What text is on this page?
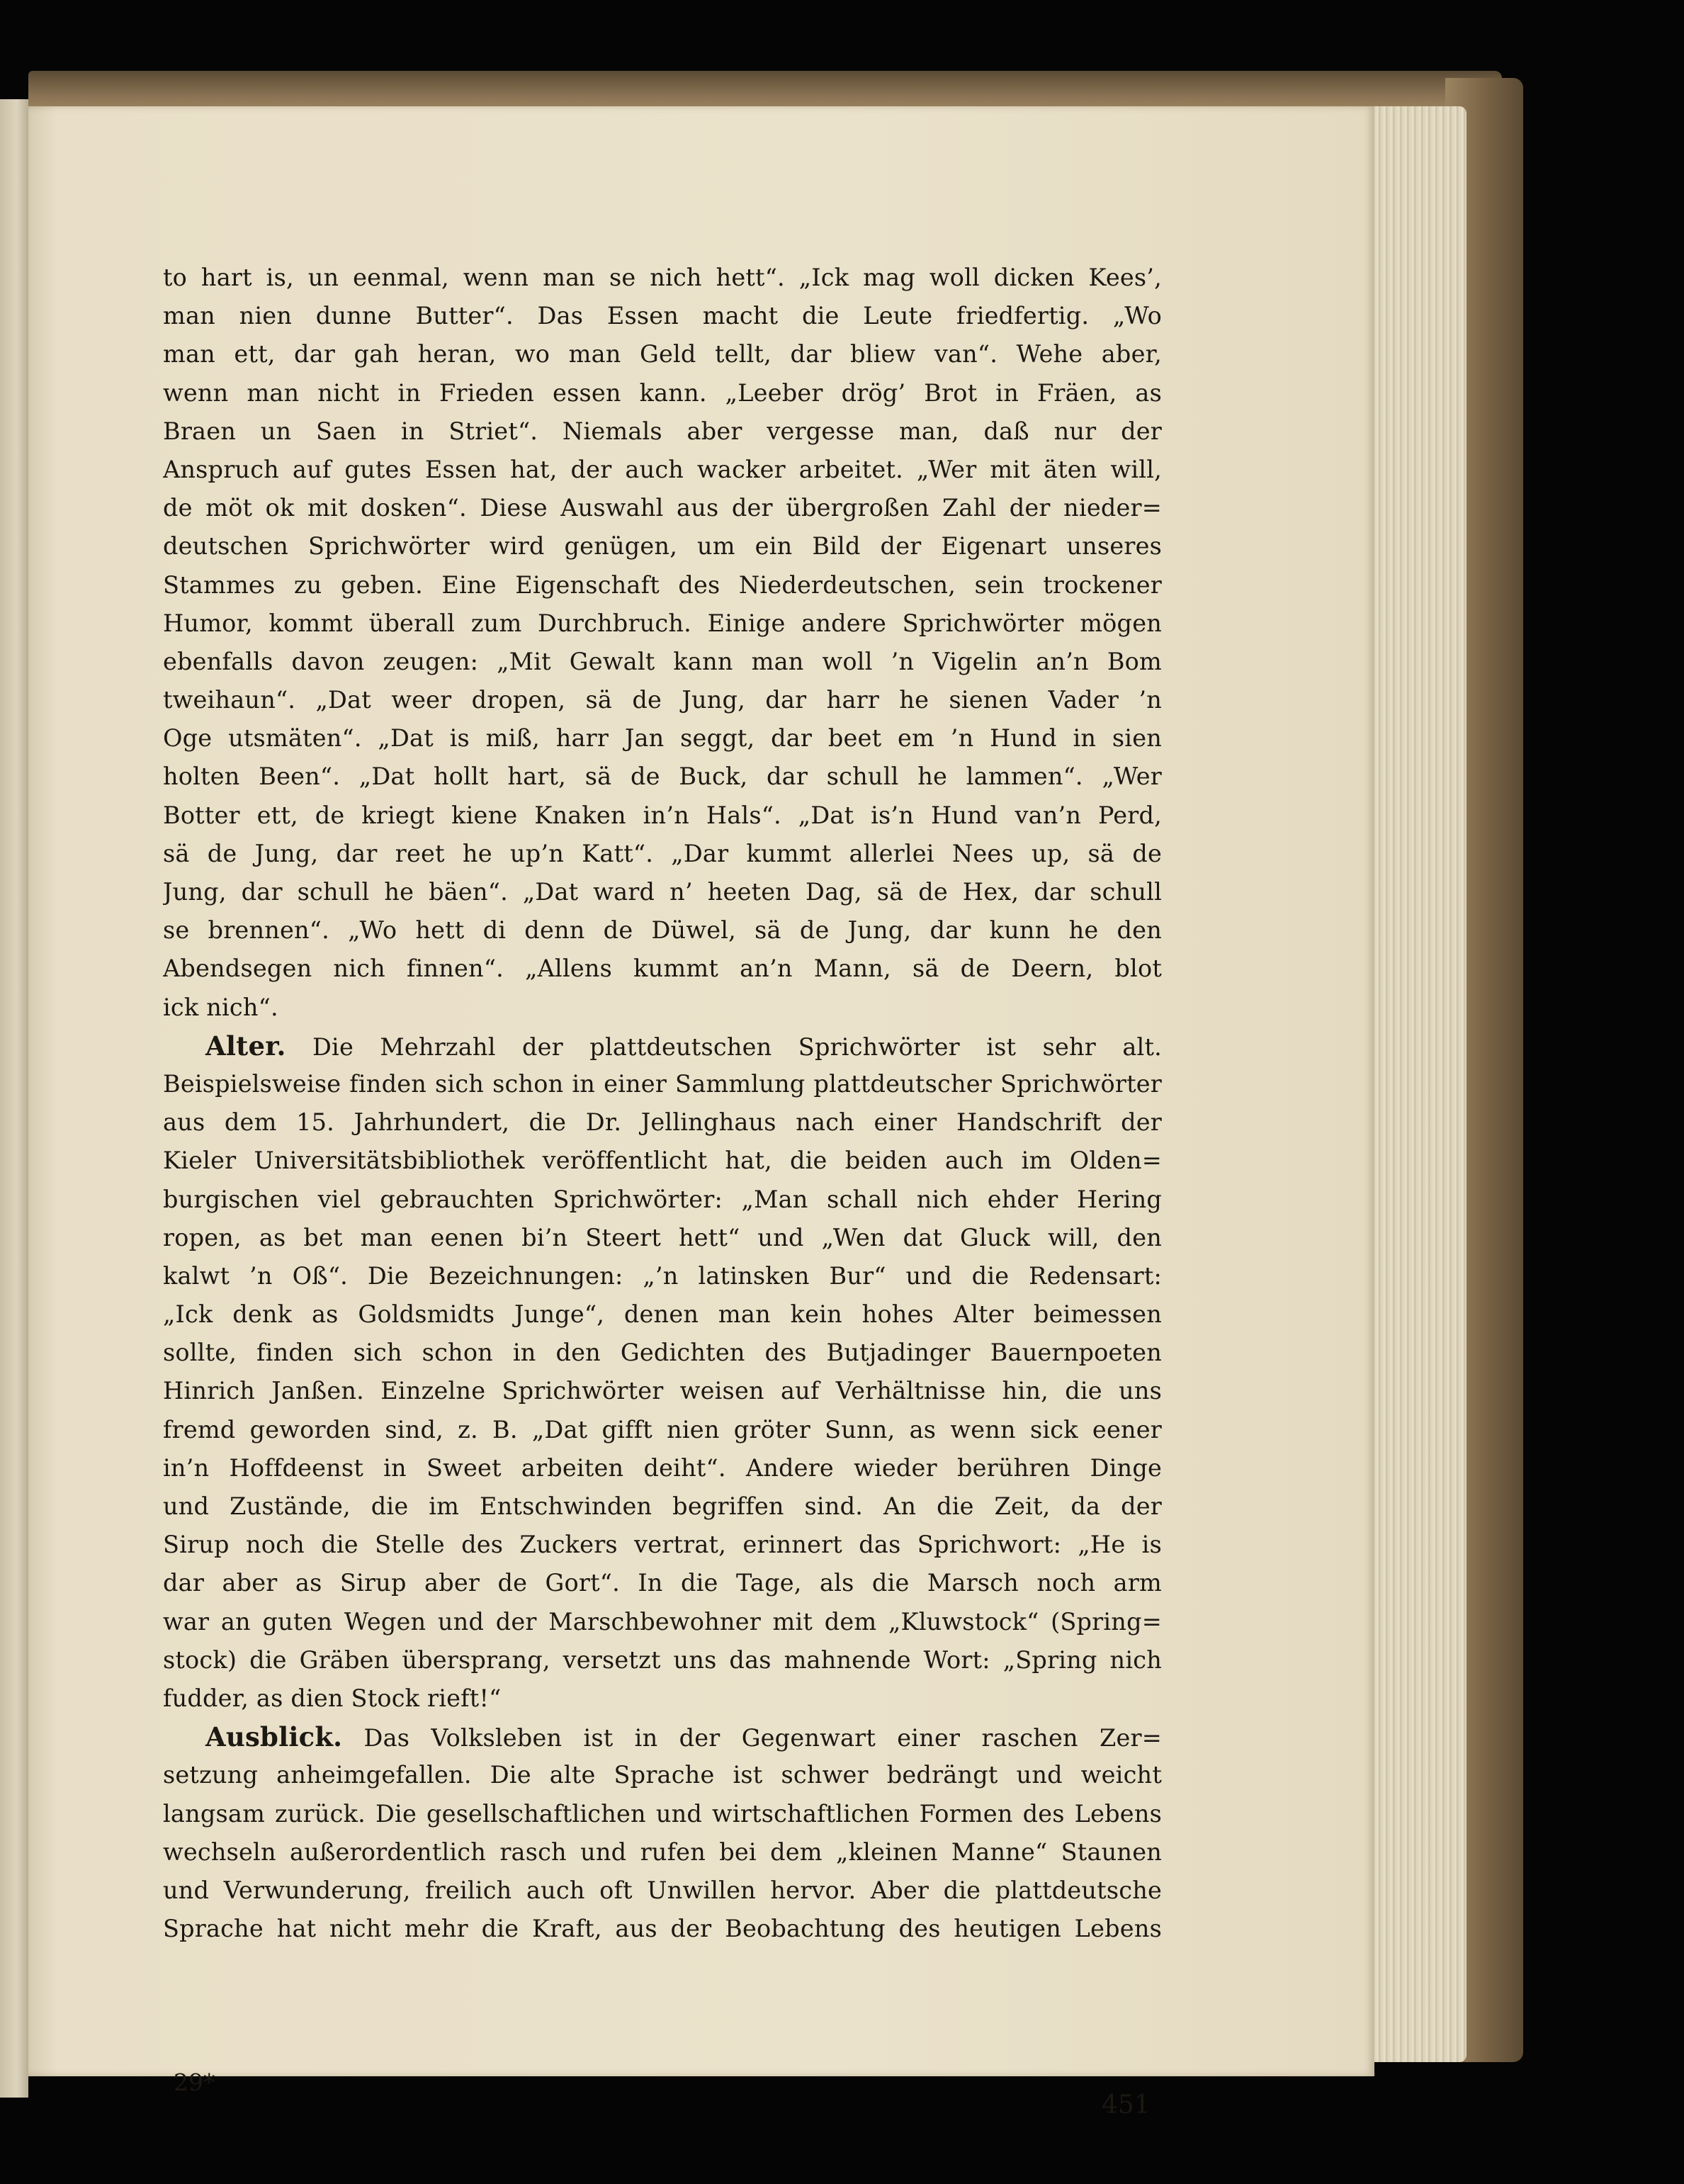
to hart is, un eenmal, wenn man se nich hett“. „Ick mag woll dicken Kees’,
man nien dunne Butter“. Das Essen macht die Leute friedfertig. „Wo
man ett, dar gah heran, wo man Geld tellt, dar bliew van“. Wehe aber,
wenn man nicht in Frieden essen kann. „Leeber drög’ Brot in Fräen, as
Braen un Saen in Striet“. Niemals aber vergesse man, daß nur der
Anspruch auf gutes Essen hat, der auch wacker arbeitet. „Wer mit äten will,
de möt ok mit dosken“. Diese Auswahl aus der übergroßen Zahl der nieder=
deutschen Sprichwörter wird genügen, um ein Bild der Eigenart unseres
Stammes zu geben. Eine Eigenschaft des Niederdeutschen, sein trockener
Humor, kommt überall zum Durchbruch. Einige andere Sprichwörter mögen
ebenfalls davon zeugen: „Mit Gewalt kann man woll ’n Vigelin an’n Bom
tweihaun“. „Dat weer dropen, sä de Jung, dar harr he sienen Vader ’n
Oge utsmäten“. „Dat is miß, harr Jan seggt, dar beet em ’n Hund in sien
holten Been“. „Dat hollt hart, sä de Buck, dar schull he lammen“. „Wer
Botter ett, de kriegt kiene Knaken in’n Hals“. „Dat is’n Hund van’n Perd,
sä de Jung, dar reet he up’n Katt“. „Dar kummt allerlei Nees up, sä de
Jung, dar schull he bäen“. „Dat ward n’ heeten Dag, sä de Hex, dar schull
se brennen“. „Wo hett di denn de Düwel, sä de Jung, dar kunn he den
Abendsegen nich finnen“. „Allens kummt an’n Mann, sä de Deern, blot
ick nich“.
Alter. Die Mehrzahl der plattdeutschen Sprichwörter ist sehr alt.
Beispielsweise finden sich schon in einer Sammlung plattdeutscher Sprichwörter
aus dem 15. Jahrhundert, die Dr. Jellinghaus nach einer Handschrift der
Kieler Universitätsbibliothek veröffentlicht hat, die beiden auch im Olden=
burgischen viel gebrauchten Sprichwörter: „Man schall nich ehder Hering
ropen, as bet man eenen bi’n Steert hett“ und „Wen dat Gluck will, den
kalwt ’n Oß“. Die Bezeichnungen: „’n latinsken Bur“ und die Redensart:
„Ick denk as Goldsmidts Junge“, denen man kein hohes Alter beimessen
sollte, finden sich schon in den Gedichten des Butjadinger Bauernpoeten
Hinrich Janßen. Einzelne Sprichwörter weisen auf Verhältnisse hin, die uns
fremd geworden sind, z. B. „Dat gifft nien gröter Sunn, as wenn sick eener
in’n Hoffdeenst in Sweet arbeiten deiht“. Andere wieder berühren Dinge
und Zustände, die im Entschwinden begriffen sind. An die Zeit, da der
Sirup noch die Stelle des Zuckers vertrat, erinnert das Sprichwort: „He is
dar aber as Sirup aber de Gort“. In die Tage, als die Marsch noch arm
war an guten Wegen und der Marschbewohner mit dem „Kluwstock“ (Spring=
stock) die Gräben übersprang, versetzt uns das mahnende Wort: „Spring nich
fudder, as dien Stock rieft!“
Ausblick. Das Volksleben ist in der Gegenwart einer raschen Zer=
setzung anheimgefallen. Die alte Sprache ist schwer bedrängt und weicht
langsam zurück. Die gesellschaftlichen und wirtschaftlichen Formen des Lebens
wechseln außerordentlich rasch und rufen bei dem „kleinen Manne“ Staunen
und Verwunderung, freilich auch oft Unwillen hervor. Aber die plattdeutsche
Sprache hat nicht mehr die Kraft, aus der Beobachtung des heutigen Lebens
29*
451
